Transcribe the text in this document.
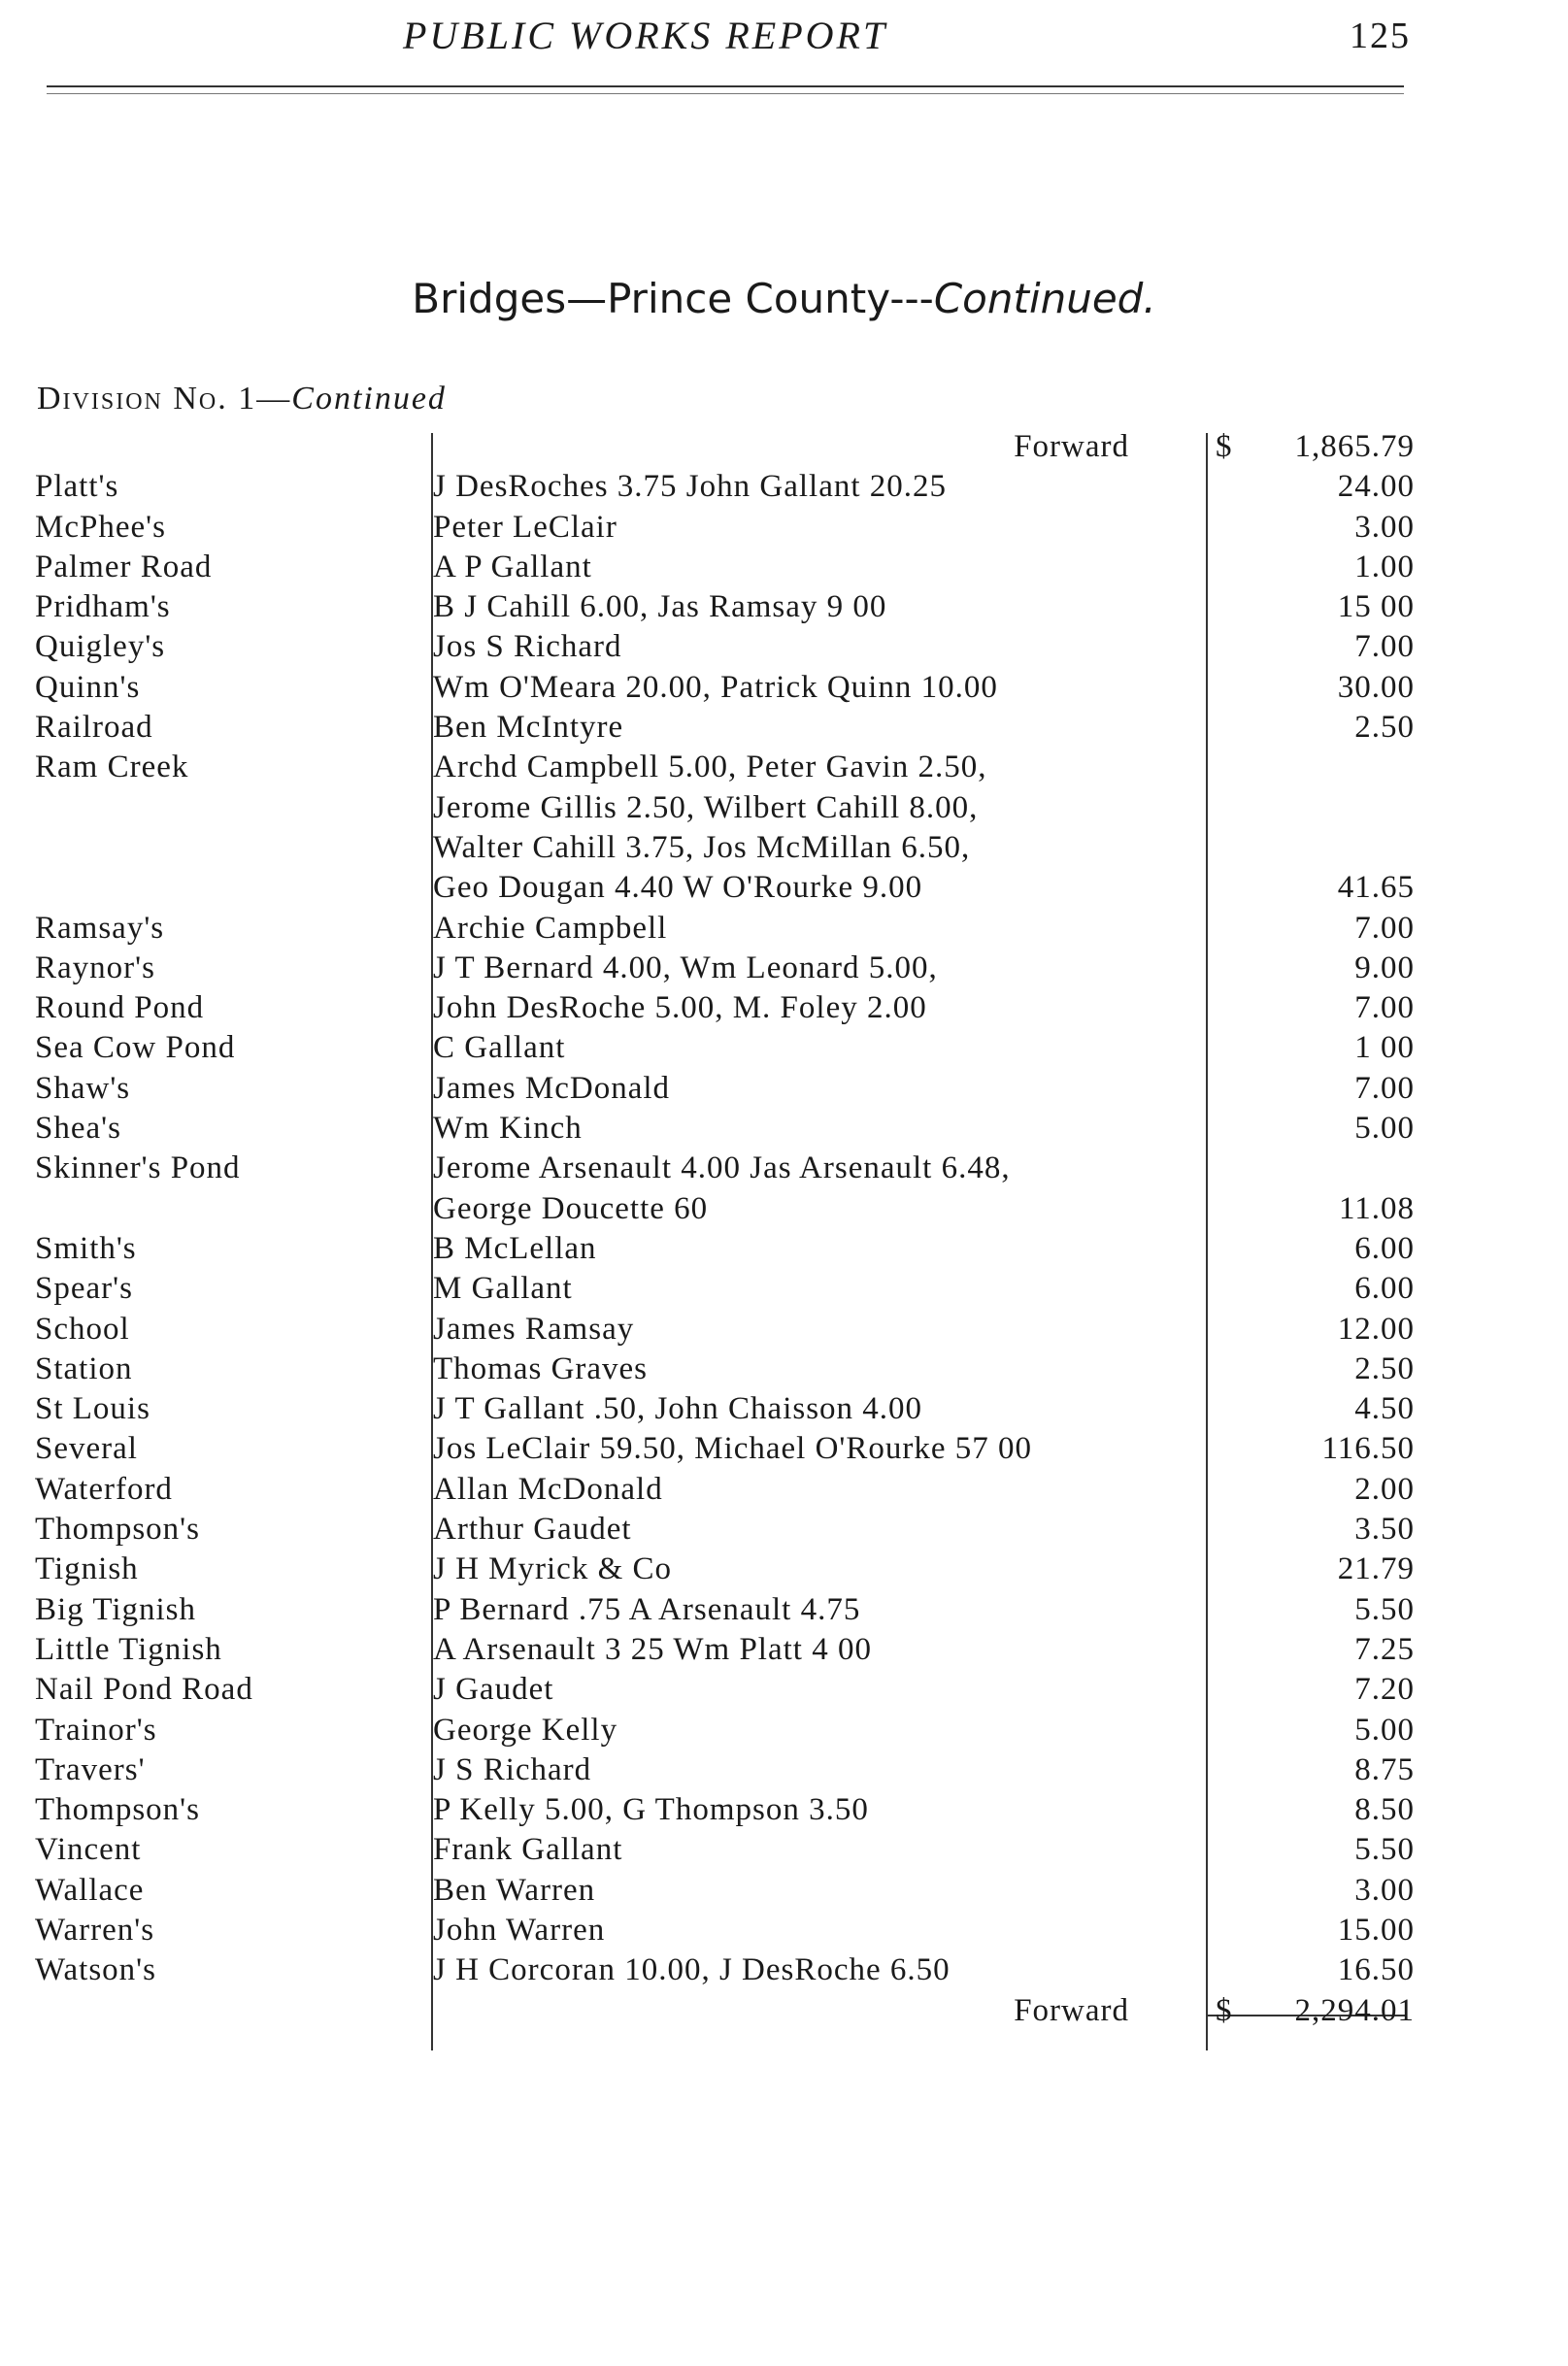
PUBLIC WORKS REPORT	125
Bridges—Prince County---Continued.
Division No. 1—Continued
Forward	$ 1,865.79
Platt's	J DesRoches 3.75 John Gallant 20.25	24.00
McPhee's	Peter LeClair	3.00
Palmer Road	A P Gallant	1.00
Pridham's	B J Cahill 6.00, Jas Ramsay 9 00	15 00
Quigley's	Jos S Richard	7.00
Quinn's	Wm O'Meara 20.00, Patrick Quinn 10.00	30.00
Railroad	Ben McIntyre	2.50
Ram Creek	Archd Campbell 5.00, Peter Gavin 2.50,
Jerome Gillis 2.50, Wilbert Cahill 8.00,
Walter Cahill 3.75, Jos McMillan 6.50,
Geo Dougan 4.40 W O'Rourke 9.00	41.65
Ramsay's	Archie Campbell	7.00
Raynor's	J T Bernard 4.00, Wm Leonard 5.00,	9.00
Round Pond	John DesRoche 5.00, M. Foley 2.00	7.00
Sea Cow Pond	C Gallant	1 00
Shaw's	James McDonald	7.00
Shea's	Wm Kinch	5.00
Skinner's Pond	Jerome Arsenault 4.00 Jas Arsenault 6.48,
George Doucette 60	11.08
Smith's	B McLellan	6.00
Spear's	M Gallant	6.00
School	James Ramsay	12.00
Station	Thomas Graves	2.50
St Louis	J T Gallant .50, John Chaisson 4.00	4.50
Several	Jos LeClair 59.50, Michael O'Rourke 57 00	116.50
Waterford	Allan McDonald	2.00
Thompson's	Arthur Gaudet	3.50
Tignish	J H Myrick & Co	21.79
Big Tignish	P Bernard .75 A Arsenault 4.75	5.50
Little Tignish	A Arsenault 3 25 Wm Platt 4 00	7.25
Nail Pond Road	J Gaudet	7.20
Trainor's	George Kelly	5.00
Travers'	J S Richard	8.75
Thompson's	P Kelly 5.00, G Thompson 3.50	8.50
Vincent	Frank Gallant	5.50
Wallace	Ben Warren	3.00
Warren's	John Warren	15.00
Watson's	J H Corcoran 10.00, J DesRoche 6.50	16.50
Forward	$ 2,294.01
